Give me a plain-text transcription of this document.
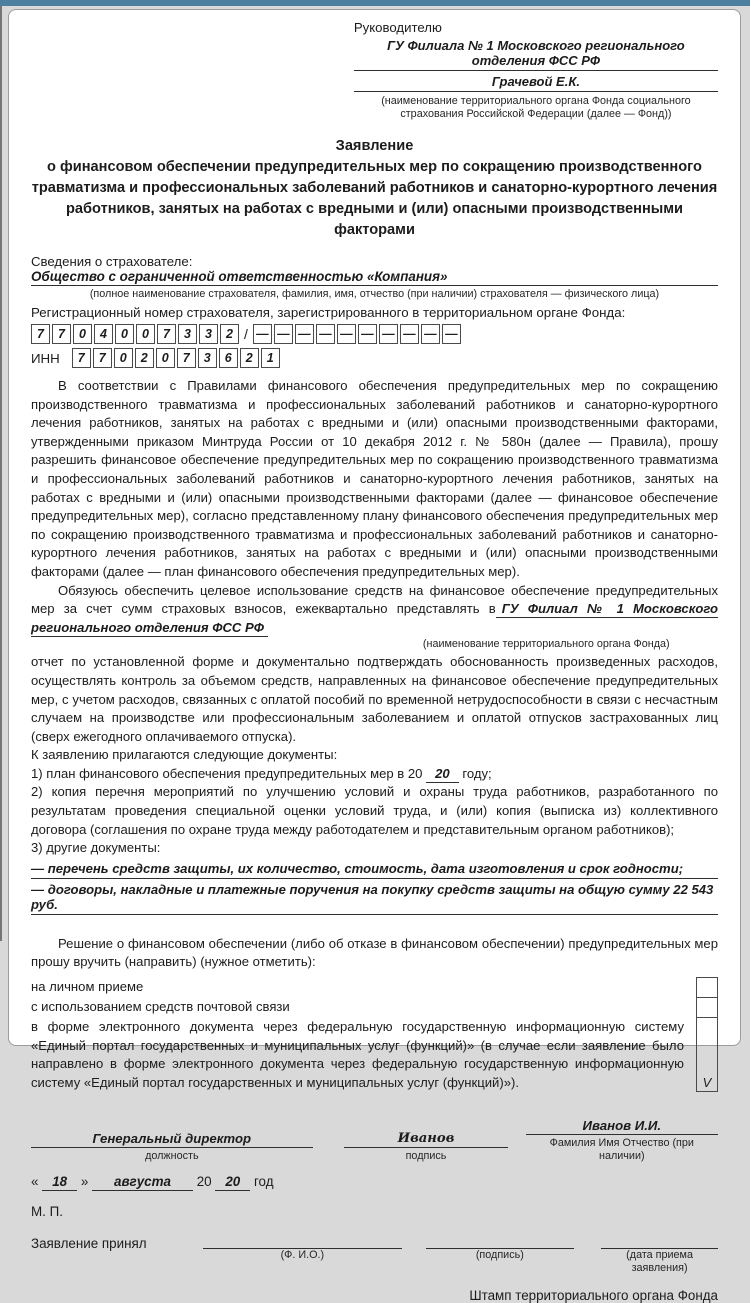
Руководителю
ГУ Филиала № 1 Московского регионального отделения ФСС РФ
Грачевой Е.К.
(наименование территориального органа Фонда социального страхования Российской Федерации (далее — Фонд))
Заявление
о финансовом обеспечении предупредительных мер по сокращению производственного травматизма и профессиональных заболеваний работников и санаторно-курортного лечения работников, занятых на работах с вредными и (или) опасными производственными факторами
Сведения о страхователе:
Общество с ограниченной ответственностью «Компания»
(полное наименование страхователя, фамилия, имя, отчество (при наличии) страхователя — физического лица)
Регистрационный номер страхователя, зарегистрированного в территориальном органе Фонда:
7	7	0	4	0	0	7	3	3	2 / — — — — — — — — — —
ИНН	7	7	0	2	0	7	3	6	2	1

В соответствии с Правилами финансового обеспечения предупредительных мер по сокращению производственного травматизма и профессиональных заболеваний работников и санаторно-курортного лечения работников, занятых на работах с вредными и (или) опасными производственными факторами, утвержденными приказом Минтруда России от 10 декабря 2012 г. № 580н (далее — Правила), прошу разрешить финансовое обеспечение предупредительных мер по сокращению производственного травматизма и профессиональных заболеваний работников и санаторно-курортного лечения работников, занятых на работах с вредными и (или) опасными производственными факторами (далее — финансовое обеспечение предупредительных мер), согласно представленному плану финансового обеспечения предупредительных мер по сокращению производственного травматизма и профессиональных заболеваний работников и санаторно-курортного лечения работников, занятых на работах с вредными и (или) опасными производственными факторами (далее — план финансового обеспечения предупредительных мер).

Обязуюсь обеспечить целевое использование средств на финансовое обеспечение предупредительных мер за счет сумм страховых взносов, ежеквартально представлять в ГУ Филиал № 1 Московского регионального отделения ФСС РФ

(наименование территориального органа Фонда)

отчет по установленной форме и документально подтверждать обоснованность произведенных расходов, осуществлять контроль за объемом средств, направленных на финансовое обеспечение предупредительных мер, с учетом расходов, связанных с оплатой пособий по временной нетрудоспособности в связи с несчастным случаем на производстве или профессиональным заболеванием и оплатой отпусков застрахованных лиц (сверх ежегодного оплачиваемого отпуска).

К заявлению прилагаются следующие документы:

1) план финансового обеспечения предупредительных мер в 20 20 году;

2) копия перечня мероприятий по улучшению условий и охраны труда работников, разработанного по результатам проведения специальной оценки условий труда, и (или) копия (выписка из) коллективного договора (соглашения по охране труда между работодателем и представительным органом работников);

3) другие документы:

— перечень средств защиты, их количество, стоимость, дата изготовления и срок годности;
— договоры, накладные и платежные поручения на покупку средств защиты на общую сумму 22 543 руб.

Решение о финансовом обеспечении (либо об отказе в финансовом обеспечении) предупредительных мер прошу вручить (направить) (нужное отметить):

на личном приеме
с использованием средств почтовой связи
в форме электронного документа через федеральную государственную информационную систему «Единый портал государственных и муниципальных услуг (функций)» (в случае если заявление было направлено в форме электронного документа через федеральную государственную информационную систему «Единый портал государственных и муниципальных услуг (функций)»).	V
Генеральный директор
должность
Иванов
подпись
Иванов И.И.
Фамилия Имя Отчество (при наличии)
« 18 » августа 20 20 год
М. П.
Заявление принял
(Ф. И.О.)	(подпись)	(дата приема заявления)
Штамп территориального органа Фонда
